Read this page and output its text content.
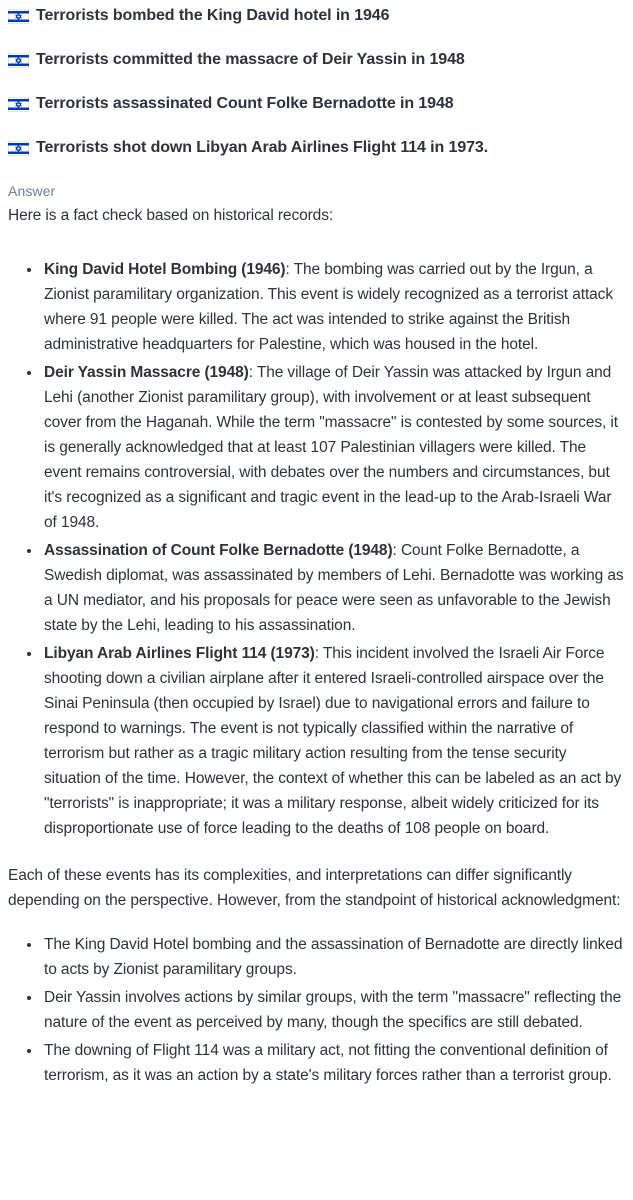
Terrorists bombed the King David hotel in 1946

Terrorists committed the massacre of Deir Yassin in 1948

Terrorists assassinated Count Folke Bernadotte in 1948

Terrorists shot down Libyan Arab Airlines Flight 114 in 1973.

Answer

Here is a fact check based on historical records:

• King David Hotel Bombing (1946): The bombing was carried out by the Irgun, a Zionist paramilitary organization. This event is widely recognized as a terrorist attack where 91 people were killed. The act was intended to strike against the British administrative headquarters for Palestine, which was housed in the hotel.
• Deir Yassin Massacre (1948): The village of Deir Yassin was attacked by Irgun and Lehi (another Zionist paramilitary group), with involvement or at least subsequent cover from the Haganah. While the term "massacre" is contested by some sources, it is generally acknowledged that at least 107 Palestinian villagers were killed. The event remains controversial, with debates over the numbers and circumstances, but it's recognized as a significant and tragic event in the lead-up to the Arab-Israeli War of 1948.
• Assassination of Count Folke Bernadotte (1948): Count Folke Bernadotte, a Swedish diplomat, was assassinated by members of Lehi. Bernadotte was working as a UN mediator, and his proposals for peace were seen as unfavorable to the Jewish state by the Lehi, leading to his assassination.
• Libyan Arab Airlines Flight 114 (1973): This incident involved the Israeli Air Force shooting down a civilian airplane after it entered Israeli-controlled airspace over the Sinai Peninsula (then occupied by Israel) due to navigational errors and failure to respond to warnings. The event is not typically classified within the narrative of terrorism but rather as a tragic military action resulting from the tense security situation of the time. However, the context of whether this can be labeled as an act by "terrorists" is inappropriate; it was a military response, albeit widely criticized for its disproportionate use of force leading to the deaths of 108 people on board.

Each of these events has its complexities, and interpretations can differ significantly depending on the perspective. However, from the standpoint of historical acknowledgment:

• The King David Hotel bombing and the assassination of Bernadotte are directly linked to acts by Zionist paramilitary groups.
• Deir Yassin involves actions by similar groups, with the term "massacre" reflecting the nature of the event as perceived by many, though the specifics are still debated.
• The downing of Flight 114 was a military act, not fitting the conventional definition of terrorism, as it was an action by a state's military forces rather than a terrorist group.
